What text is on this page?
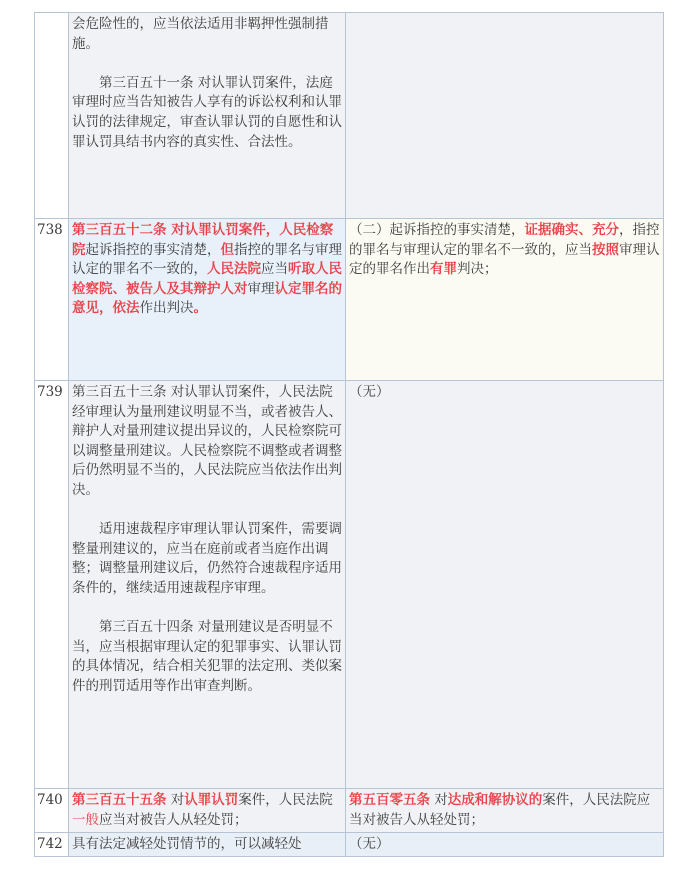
	会危险性的，应当依法适用非羁押性强制措施。

第三百五十一条 对认罪认罚案件，法庭审理时应当告知被告人享有的诉讼权利和认罪认罚的法律规定，审查认罪认罚的自愿性和认罪认罚具结书内容的真实性、合法性。	

738	第三百五十二条 对认罪认罚案件，人民检察院起诉指控的事实清楚，但指控的罪名与审理认定的罪名不一致的，人民法院应当听取人民检察院、被告人及其辩护人对审理认定罪名的意见，依法作出判决。	（二）起诉指控的事实清楚，证据确实、充分，指控的罪名与审理认定的罪名不一致的，应当按照审理认定的罪名作出有罪判决；
739	第三百五十三条 对认罪认罚案件，人民法院经审理认为量刑建议明显不当，或者被告人、辩护人对量刑建议提出异议的，人民检察院可以调整量刑建议。人民检察院不调整或者调整后仍然明显不当的，人民法院应当依法作出判决。

适用速裁程序审理认罪认罚案件，需要调整量刑建议的，应当在庭前或者当庭作出调整；调整量刑建议后，仍然符合速裁程序适用条件的，继续适用速裁程序审理。

第三百五十四条 对量刑建议是否明显不当，应当根据审理认定的犯罪事实、认罪认罚的具体情况，结合相关犯罪的法定刑、类似案件的刑罚适用等作出审查判断。	（无）
740	第三百五十五条 对认罪认罚案件，人民法院一般应当对被告人从轻处罚；	第五百零五条 对达成和解协议的案件，人民法院应当对被告人从轻处罚；
742	具有法定减轻处罚情节的，可以减轻处	（无）
